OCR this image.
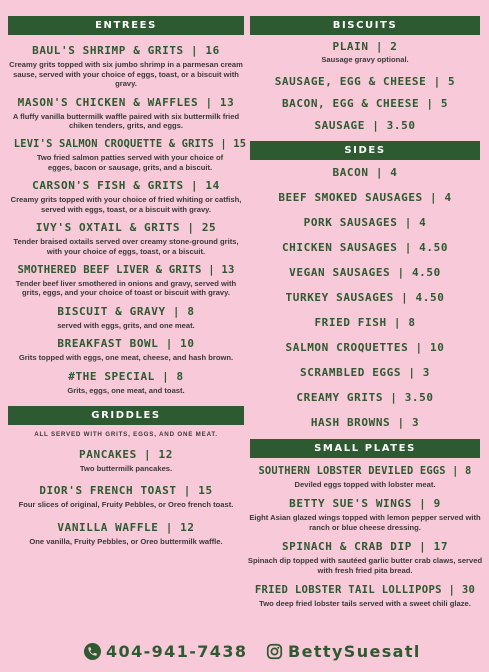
ENTREES
BAUL'S SHRIMP & GRITS | 16
Creamy grits topped with six jumbo shrimp in a parmesan cream sause, served with your choice of eggs, toast, or a biscuit with gravy.
MASON'S CHICKEN & WAFFLES | 13
A fluffy vanilla buttermilk waffle paired with six buttermilk fried chiken tenders, grits, and eggs.
LEVI'S SALMON CROQUETTE & GRITS | 15
Two fried salmon patties served with your choice of egges, bacon or sausage, grits, and a biscuit.
CARSON'S FISH & GRITS | 14
Creamy grits topped with your choice of fried whiting or catfish, served with eggs, toast, or a biscuit with gravy.
IVY'S OXTAIL & GRITS | 25
Tender braised oxtails served over creamy stone-ground grits, with your choice of eggs, toast, or a biscuit.
SMOTHERED BEEF LIVER & GRITS | 13
Tender beef liver smothered in onions and gravy, served with grits, eggs, and your choice of toast or biscuit with gravy.
BISCUIT & GRAVY | 8
served with eggs, grits, and one meat.
BREAKFAST BOWL | 10
Grits topped with eggs, one meat, cheese, and hash brown.
#THE SPECIAL | 8
Grits, eggs, one meat, and toast.
GRIDDLES
ALL SERVED WITH GRITS, EGGS, AND ONE MEAT.
PANCAKES | 12
Two buttermilk pancakes.
DIOR'S FRENCH TOAST | 15
Four slices of original, Fruity Pebbles, or Oreo french toast.
VANILLA WAFFLE | 12
One vanilla, Fruity Pebbles, or Oreo buttermilk waffle.
BISCUITS
PLAIN | 2
Sausage gravy optional.
SAUSAGE, EGG & CHEESE | 5
BACON, EGG & CHEESE | 5
SAUSAGE | 3.50
SIDES
BACON | 4
BEEF SMOKED SAUSAGES | 4
PORK SAUSAGES | 4
CHICKEN SAUSAGES | 4.50
VEGAN SAUSAGES | 4.50
TURKEY SAUSAGES | 4.50
FRIED FISH | 8
SALMON CROQUETTES | 10
SCRAMBLED EGGS | 3
CREAMY GRITS | 3.50
HASH BROWNS | 3
SMALL PLATES
SOUTHERN LOBSTER DEVILED EGGS | 8
Deviled eggs topped with lobster meat.
BETTY SUE'S WINGS | 9
Eight Asian glazed wings topped with lemon pepper served with ranch or blue cheese dressing.
SPINACH & CRAB DIP | 17
Spinach dip topped with sautéed garlic butter crab claws, served with fresh fried pita bread.
FRIED LOBSTER TAIL LOLLIPOPS | 30
Two deep fried lobster tails served with a sweet chili glaze.
404-941-7438	BettySuesatl
